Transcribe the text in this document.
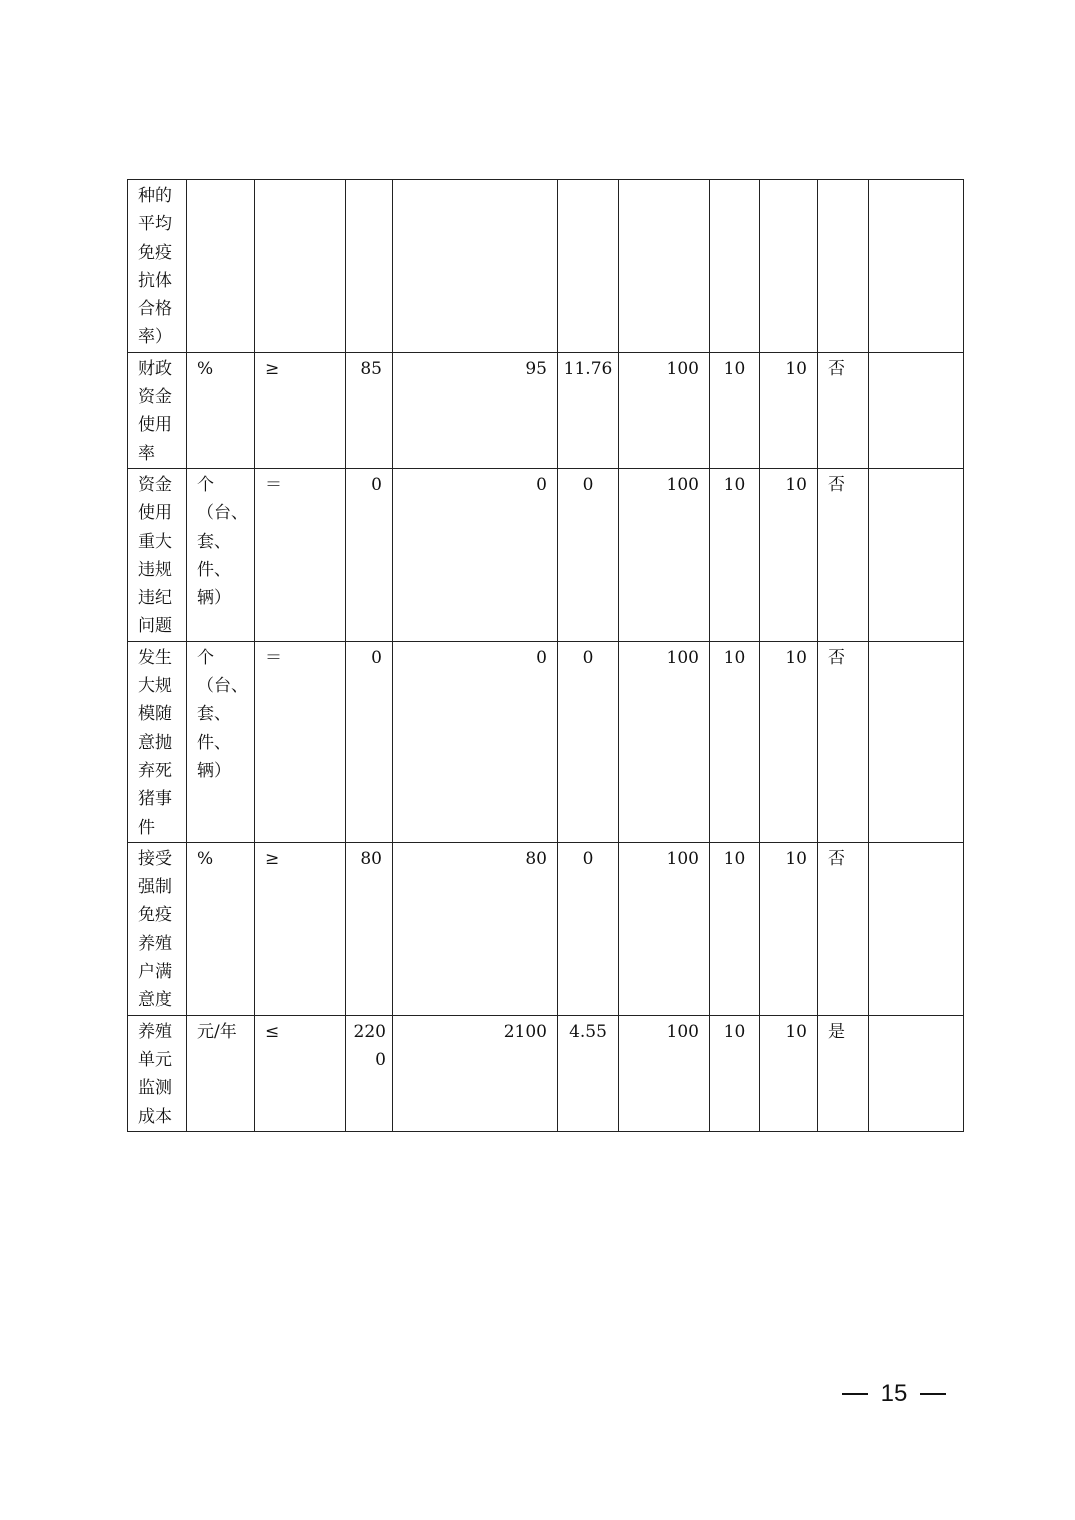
种的平均免疫抗体合格率）										

财政资金使用率	%	≥	85	95	11.76	100	10	10	否	

资金使用重大违规违纪问题	个（台、套、件、辆）	＝	0	0	0	100	10	10	否	

发生大规模随意抛弃死猪事件	个（台、套、件、辆）	＝	0	0	0	100	10	10	否	

接受强制免疫养殖户满意度	%	≥	80	80	0	100	10	10	否	

养殖单元监测成本	元/年	≤	2200	2100	4.55	100	10	10	是	

15
